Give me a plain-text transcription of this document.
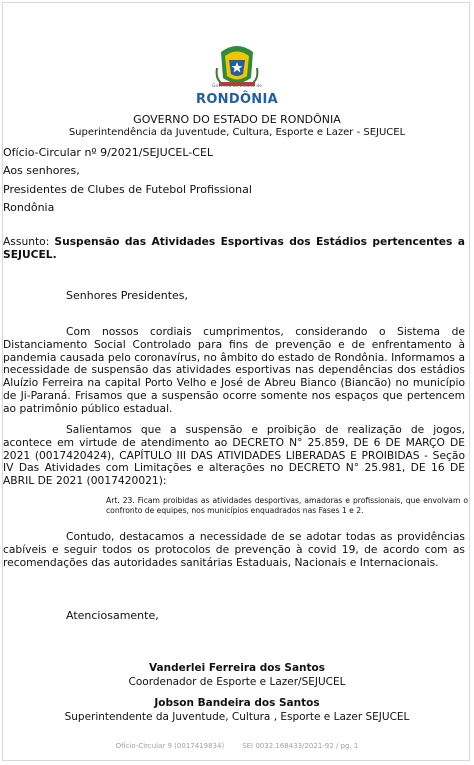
Governo do Estado de
RONDÔNIA
GOVERNO DO ESTADO DE RONDÔNIA
Superintendência da Juventude, Cultura, Esporte e Lazer - SEJUCEL
Ofício-Circular nº 9/2021/SEJUCEL-CEL
Aos senhores,
Presidentes de Clubes de Futebol Profissional
Rondônia
Assunto: Suspensão das Atividades Esportivas dos Estádios pertencentes a SEJUCEL.
Senhores Presidentes,
Com nossos cordiais cumprimentos, considerando o Sistema de Distanciamento Social Controlado para fins de prevenção e de enfrentamento à pandemia causada pelo coronavírus, no âmbito do estado de Rondônia. Informamos a necessidade de suspensão das atividades esportivas nas dependências dos estádios Aluízio Ferreira na capital Porto Velho e José de Abreu Bianco (Biancão) no município de Ji-Paraná. Frisamos que a suspensão ocorre somente nos espaços que pertencem ao patrimônio público estadual.
Salientamos que a suspensão e proibição de realização de jogos, acontece em virtude de atendimento ao DECRETO N° 25.859, DE 6 DE MARÇO DE 2021 (0017420424), CAPÍTULO III DAS ATIVIDADES LIBERADAS E PROIBIDAS - Seção IV Das Atividades com Limitações e alterações no DECRETO N° 25.981, DE 16 DE ABRIL DE 2021 (0017420021):
Art. 23. Ficam proibidas as atividades desportivas, amadoras e profissionais, que envolvam o confronto de equipes, nos municípios enquadrados nas Fases 1 e 2.
Contudo, destacamos a necessidade de se adotar todas as providências cabíveis e seguir todos os protocolos de prevenção à covid 19, de acordo com as recomendações das autoridades sanitárias Estaduais, Nacionais e Internacionais.
Atenciosamente,
Vanderlei Ferreira dos Santos
Coordenador de Esporte e Lazer/SEJUCEL
Jobson Bandeira dos Santos
Superintendente da Juventude, Cultura , Esporte e Lazer SEJUCEL
Ofício-Circular 9 (0017419834)	SEI 0032.168433/2021-92 / pg. 1
